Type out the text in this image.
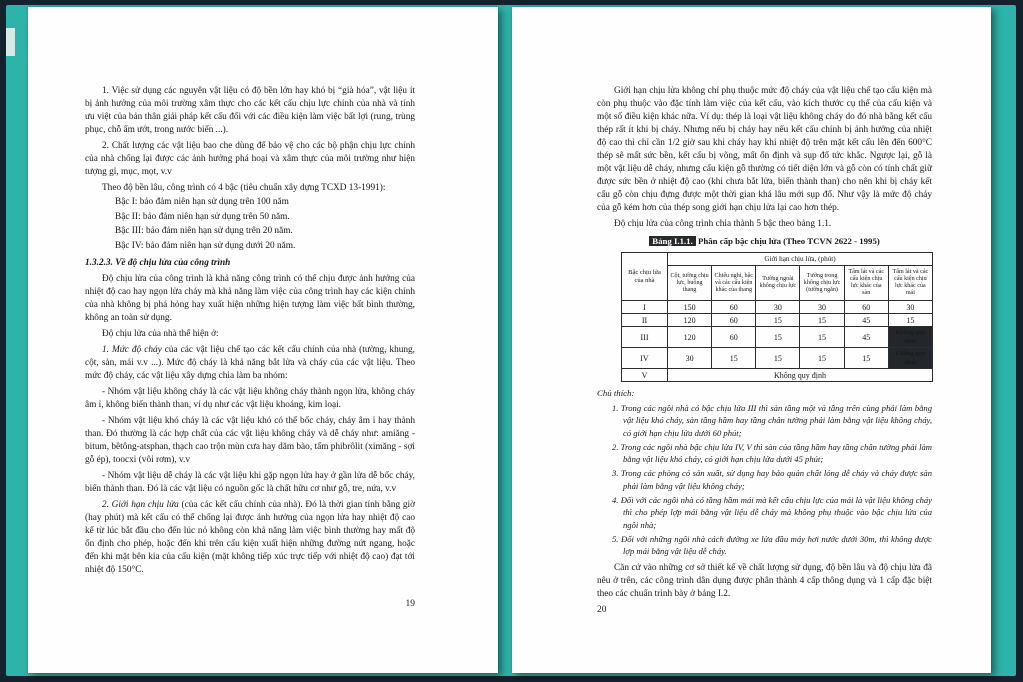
1. Việc sử dụng các nguyên vật liệu có độ bền lớn hay khó bị “già hóa”, vật liệu ít bị ảnh hưởng của môi trường xâm thực cho các kết cấu chịu lực chính của nhà và tính ưu việt của bản thân giải pháp kết cấu đối với các điều kiện làm việc bất lợi (rung, trùng phục, chỗ ẩm ướt, trong nước biển ...).

2. Chất lượng các vật liệu bao che dùng để bảo vệ cho các bộ phận chịu lực chính của nhà chống lại được các ảnh hưởng phá hoại và xâm thực của môi trường như hiện tượng gỉ, mục, mọt, v.v

Theo độ bền lâu, công trình có 4 bậc (tiêu chuẩn xây dựng TCXD 13-1991):

Bậc I: bảo đảm niên hạn sử dụng trên 100 năm
Bậc II: bảo đảm niên hạn sử dụng trên 50 năm.
Bậc III: bảo đảm niên hạn sử dụng trên 20 năm.
Bậc IV: bảo đảm niên hạn sử dụng dưới 20 năm.

1.3.2.3. Về độ chịu lửa của công trình

Độ chịu lửa của công trình là khả năng công trình có thể chịu được ảnh hưởng của nhiệt độ cao hay ngọn lửa cháy mà khả năng làm việc của công trình hay các kiện chính của nhà không bị phá hỏng hay xuất hiện những hiện tượng làm việc bất bình thường, không an toàn sử dụng.

Độ chịu lửa của nhà thể hiện ở:

1. Mức độ cháy của các vật liệu chế tạo các kết cấu chính của nhà (tường, khung, cột, sàn, mái v.v ...). Mức độ cháy là khả năng bắt lửa và cháy của các vật liệu. Theo mức độ cháy, các vật liệu xây dựng chia làm ba nhóm:

- Nhóm vật liệu không cháy là các vật liệu không cháy thành ngọn lửa, không cháy âm ỉ, không biến thành than, ví dụ như các vật liệu khoáng, kim loại.

- Nhóm vật liệu khó cháy là các vật liệu khó có thể bốc cháy, cháy âm ỉ hay thành than. Đó thường là các hợp chất của các vật liệu không cháy và dễ cháy như: amiăng - bitum, bêtông-atsphan, thạch cao trộn mùn cưa hay dăm bào, tấm phibrôlit (ximăng - sợi gỗ ép), toocxi (vôi rơm), v.v

- Nhóm vật liệu dễ cháy là các vật liệu khi gặp ngọn lửa hay ở gần lửa dễ bốc cháy, biến thành than. Đó là các vật liệu có nguồn gốc là chất hữu cơ như gỗ, tre, nứa, v.v

2. Giới hạn chịu lửa (của các kết cấu chính của nhà). Đó là thời gian tính bằng giờ (hay phút) mà kết cấu có thể chống lại được ảnh hưởng của ngọn lửa hay nhiệt độ cao kể từ lúc bắt đầu cho đến lúc nó không còn khả năng làm việc bình thường hay mất độ ổn định cho phép, hoặc đến khi trên cấu kiện xuất hiện những đường nứt ngang, hoặc đến khi mặt bên kia của cấu kiện (mặt không tiếp xúc trực tiếp với nhiệt độ cao) đạt tới nhiệt độ 150°C.

19

Giới hạn chịu lửa không chỉ phụ thuộc mức độ cháy của vật liệu chế tạo cấu kiện mà còn phụ thuộc vào đặc tính làm việc của kết cấu, vào kích thước cụ thể của cấu kiện và một số điều kiện khác nữa. Ví dụ: thép là loại vật liệu không cháy do đó nhà bằng kết cấu thép rất ít khi bị cháy. Nhưng nếu bị cháy hay nếu kết cấu chính bị ảnh hưởng của nhiệt độ cao thì chỉ cần 1/2 giờ sau khi cháy hay khi nhiệt độ trên mặt kết cấu lên đến 600°C thép sẽ mất sức bền, kết cấu bị võng, mất ổn định và sụp đổ tức khắc. Ngược lại, gỗ là một vật liệu dễ cháy, nhưng cấu kiện gỗ thường có tiết diện lớn và gỗ còn có tính chất giữ được sức bền ở nhiệt độ cao (khi chưa bắt lửa, biến thành than) cho nên khi bị cháy kết cấu gỗ còn chịu đựng được một thời gian khá lâu mới sụp đổ. Như vậy là mức độ cháy của gỗ kém hơn của thép song giới hạn chịu lửa lại cao hơn thép.

Độ chịu lửa của công trình chia thành 5 bậc theo bảng 1.1.

Bảng I.1.1. Phân cấp bậc chịu lửa (Theo TCVN 2622 - 1995)
Bậc chịu lửa của nhà	Giới hạn chịu lửa, (phút)					
	Cột, tường chịu lực, buồng thang	Chiếu nghỉ, bậc và các cấu kiện khác của thang	Tường ngoài không chịu lực	Tường trong không chịu lực (tường ngăn)	Tấm lát và các cấu kiện chịu lực khác của sàn	Tấm lát và các cấu kiện chịu lực khác của mái
I	150	60	30	30	60	30
II	120	60	15	15	45	15
III	120	60	15	15	45	Không quy định
IV	30	15	15	15	15	Không quy định
V	Không quy định					
Chú thích:
1. Trong các ngôi nhà có bậc chịu lửa III thì sàn tầng một và tầng trên cùng phải làm bằng vật liệu khó cháy, sàn tầng hầm hay tầng chân tường phải làm bằng vật liệu không cháy, có giới hạn chịu lửa dưới 60 phút;
2. Trong các ngôi nhà bậc chịu lửa IV, V thì sàn của tầng hầm hay tầng chân tường phải làm bằng vật liệu khó cháy, có giới hạn chịu lửa dưới 45 phút;
3. Trong các phòng có sản xuất, sử dụng hay bảo quản chất lỏng dễ cháy và cháy được sàn phải làm bằng vật liệu không cháy;
4. Đối với các ngôi nhà có tầng hầm mái mà kết cấu chịu lực của mái là vật liệu không cháy thì cho phép lợp mái bằng vật liệu dễ cháy mà không phụ thuộc vào bậc chịu lửa của ngôi nhà;
5. Đối với những ngôi nhà cách đường xe lửa đầu máy hơi nước dưới 30m, thì không được lợp mái bằng vật liệu dễ cháy.

Căn cứ vào những cơ sở thiết kế về chất lượng sử dụng, độ bền lâu và độ chịu lửa đã nêu ở trên, các công trình dân dụng được phân thành 4 cấp thông dụng và 1 cấp đặc biệt theo các chuẩn trình bày ở bảng I.2.

20
